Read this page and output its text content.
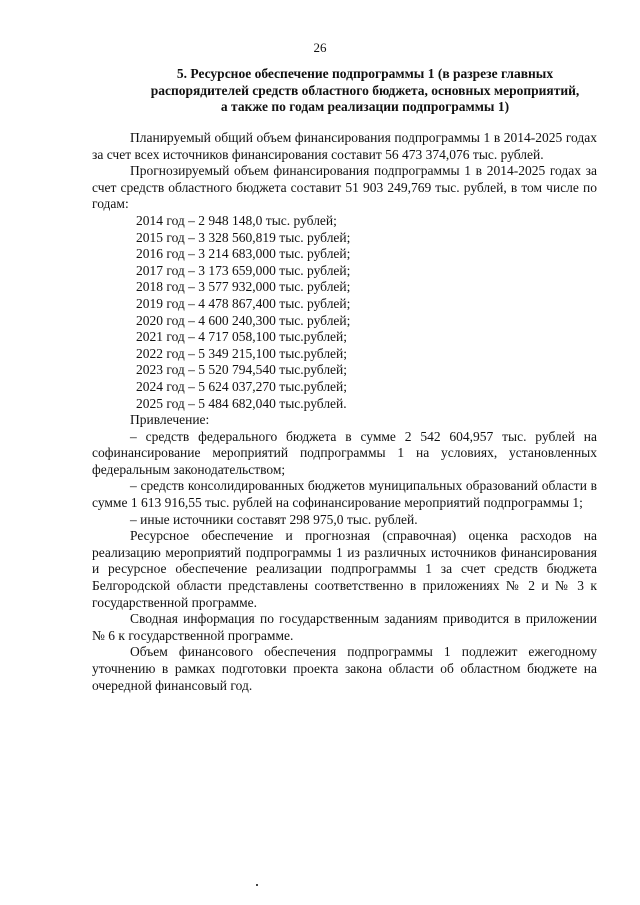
26
5. Ресурсное обеспечение подпрограммы 1 (в разрезе главных распорядителей средств областного бюджета, основных мероприятий, а также по годам реализации подпрограммы 1)

Планируемый общий объем финансирования подпрограммы 1 в 2014-2025 годах за счет всех источников финансирования составит 56 473 374,076 тыс. рублей.

Прогнозируемый объем финансирования подпрограммы 1 в 2014-2025 годах за счет средств областного бюджета составит 51 903 249,769 тыс. рублей, в том числе по годам:

2014 год – 2 948 148,0 тыс. рублей;
2015 год – 3 328 560,819 тыс. рублей;
2016 год – 3 214 683,000 тыс. рублей;
2017 год – 3 173 659,000 тыс. рублей;
2018 год – 3 577 932,000 тыс. рублей;
2019 год – 4 478 867,400 тыс. рублей;
2020 год – 4 600 240,300 тыс. рублей;
2021 год – 4 717 058,100 тыс.рублей;
2022 год – 5 349 215,100 тыс.рублей;
2023 год – 5 520 794,540 тыс.рублей;
2024 год – 5 624 037,270 тыс.рублей;
2025 год – 5 484 682,040 тыс.рублей.

Привлечение:

– средств федерального бюджета в сумме 2 542 604,957 тыс. рублей на софинансирование мероприятий подпрограммы 1 на условиях, установленных федеральным законодательством;

– средств консолидированных бюджетов муниципальных образований области в сумме 1 613 916,55 тыс. рублей на софинансирование мероприятий подпрограммы 1;

– иные источники составят 298 975,0 тыс. рублей.

Ресурсное обеспечение и прогнозная (справочная) оценка расходов на реализацию мероприятий подпрограммы 1 из различных источников финансирования и ресурсное обеспечение реализации подпрограммы 1 за счет средств бюджета Белгородской области представлены соответственно в приложениях № 2 и № 3 к государственной программе.

Сводная информация по государственным заданиям приводится в приложении № 6 к государственной программе.

Объем финансового обеспечения подпрограммы 1 подлежит ежегодному уточнению в рамках подготовки проекта закона области об областном бюджете на очередной финансовый год.
